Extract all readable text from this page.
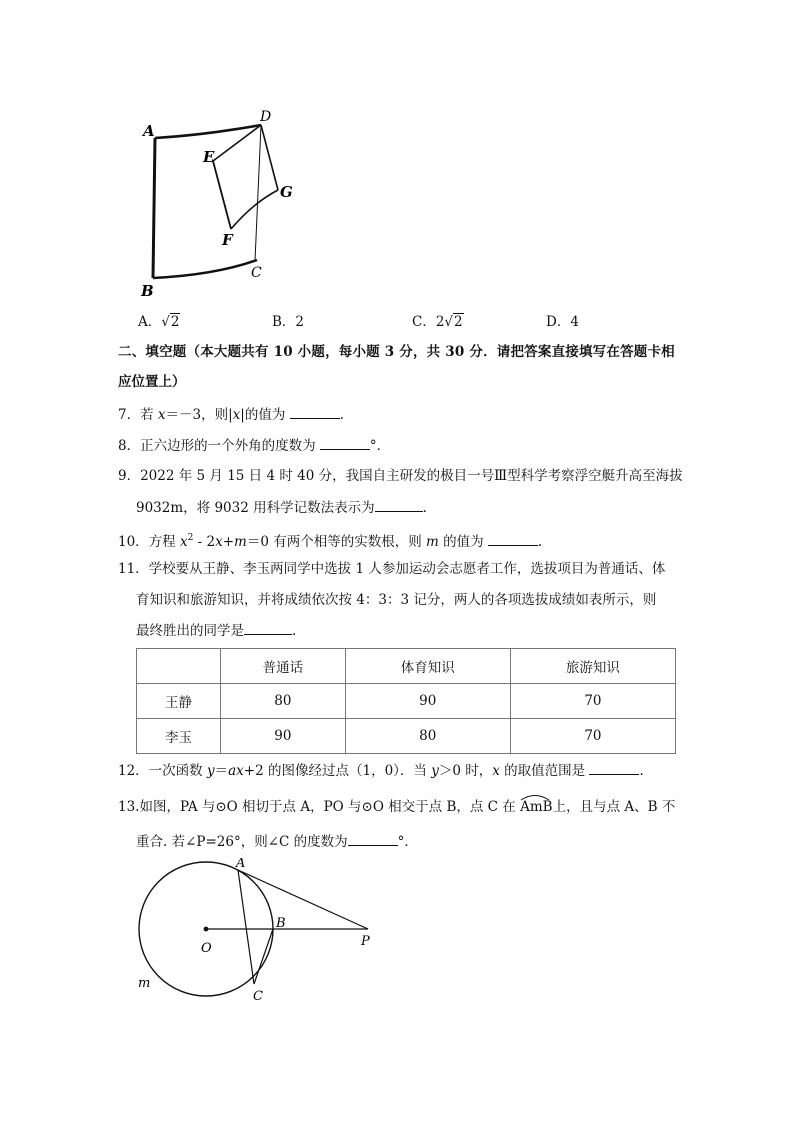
A
B
C
D
E
F
G
A．√2	B．2	C．2√2	D．4
二、填空题（本大题共有 10 小题，每小题 3 分，共 30 分．请把答案直接填写在答题卡相
应位置上）
7．若 x＝－3，则|x|的值为	.
8．正六边形的一个外角的度数为	°．
9．2022 年 5 月 15 日 4 时 40 分，我国自主研发的极目一号Ⅲ型科学考察浮空艇升高至海拔
9032m，将 9032 用科学记数法表示为	.
10．方程 $x^2 - 2x+m=0$ 有两个相等的实数根，则 m 的值为	.
11．学校要从王静、李玉两同学中选拔 1 人参加运动会志愿者工作，选拔项目为普通话、体
育知识和旅游知识，并将成绩依次按 4：3：3 记分，两人的各项选拔成绩如表所示，则
最终胜出的同学是	.
	普通话	体育知识	旅游知识
王静	80	90	70
李玉	90	80	70
12．一次函数 y＝ax+2 的图像经过点（1，0）．当 y＞0 时，x 的取值范围是	.
13.如图，PA 与⊙O 相切于点 A，PO 与⊙O 相交于点 B，点 C 在
AmB上，且与点 A、B 不
重合. 若∠P=26°，则∠C 的度数为	°．
A
B
C
O	P
m
